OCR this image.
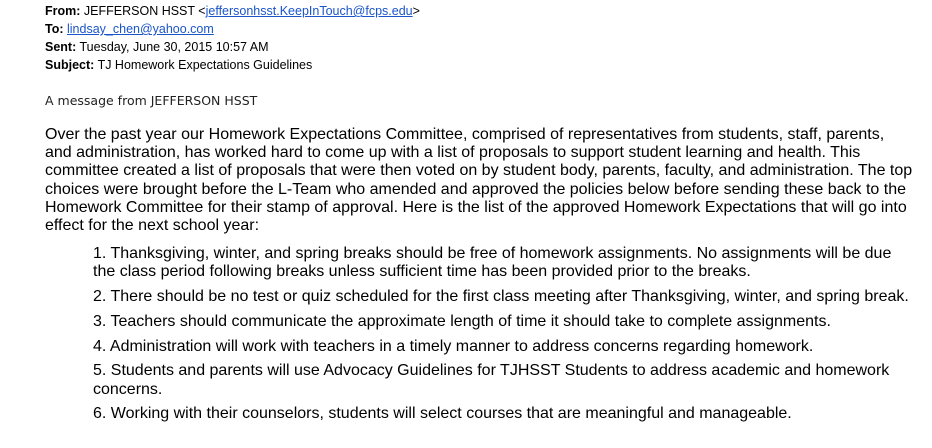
From: JEFFERSON HSST <jeffersonhsst.KeepInTouch@fcps.edu>
To: lindsay_chen@yahoo.com
Sent: Tuesday, June 30, 2015 10:57 AM
Subject: TJ Homework Expectations Guidelines
A message from JEFFERSON HSST

Over the past year our Homework Expectations Committee, comprised of representatives from students, staff, parents, and administration, has worked hard to come up with a list of proposals to support student learning and health. This committee created a list of proposals that were then voted on by student body, parents, faculty, and administration. The top choices were brought before the L-Team who amended and approved the policies below before sending these back to the Homework Committee for their stamp of approval. Here is the list of the approved Homework Expectations that will go into effect for the next school year:

1. Thanksgiving, winter, and spring breaks should be free of homework assignments. No assignments will be due the class period following breaks unless sufficient time has been provided prior to the breaks.
2. There should be no test or quiz scheduled for the first class meeting after Thanksgiving, winter, and spring break.
3. Teachers should communicate the approximate length of time it should take to complete assignments.
4. Administration will work with teachers in a timely manner to address concerns regarding homework.
5. Students and parents will use Advocacy Guidelines for TJHSST Students to address academic and homework concerns.
6. Working with their counselors, students will select courses that are meaningful and manageable.
